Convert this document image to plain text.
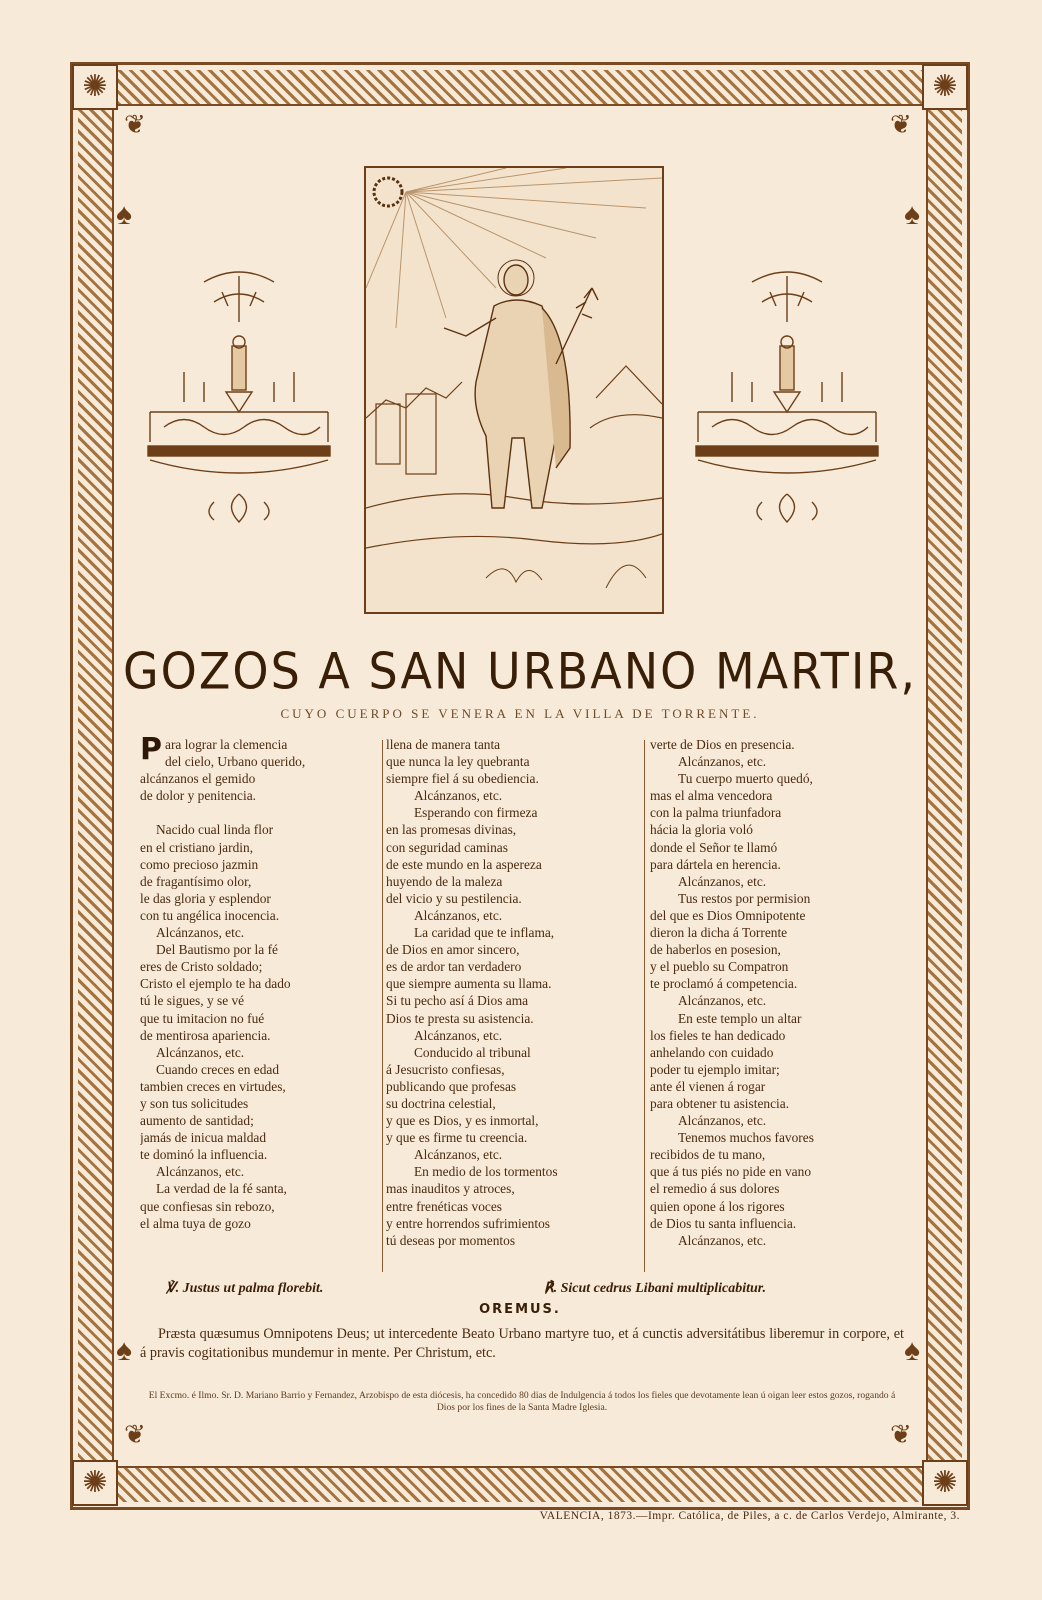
✺	✺
✺	✺
❦	❦
❦	❦
♠	♠
♠	♠
GOZOS A SAN URBANO MARTIR,
CUYO CUERPO SE VENERA EN LA VILLA DE TORRENTE.
P ara lograr la clemencia
del cielo, Urbano querido,
alcánzanos el gemido
de dolor y penitencia.
Nacido cual linda flor
en el cristiano jardin,
como precioso jazmin
de fragantísimo olor,
le das gloria y esplendor
con tu angélica inocencia.
Alcánzanos, etc.
Del Bautismo por la fé
eres de Cristo soldado;
Cristo el ejemplo te ha dado
tú le sigues, y se vé
que tu imitacion no fué
de mentirosa apariencia.
Alcánzanos, etc.
Cuando creces en edad
tambien creces en virtudes,
y son tus solicitudes
aumento de santidad;
jamás de inicua maldad
te dominó la influencia.
Alcánzanos, etc.
La verdad de la fé santa,
que confiesas sin rebozo,
el alma tuya de gozo
llena de manera tanta
que nunca la ley quebranta
siempre fiel á su obediencia.
Alcánzanos, etc.
Esperando con firmeza
en las promesas divinas,
con seguridad caminas
de este mundo en la aspereza
huyendo de la maleza
del vicio y su pestilencia.
Alcánzanos, etc.
La caridad que te inflama,
de Dios en amor sincero,
es de ardor tan verdadero
que siempre aumenta su llama.
Si tu pecho así á Dios ama
Dios te presta su asistencia.
Alcánzanos, etc.
Conducido al tribunal
á Jesucristo confiesas,
publicando que profesas
su doctrina celestial,
y que es Dios, y es inmortal,
y que es firme tu creencia.
Alcánzanos, etc.
En medio de los tormentos
mas inauditos y atroces,
entre frenéticas voces
y entre horrendos sufrimientos
tú deseas por momentos
verte de Dios en presencia.
Alcánzanos, etc.
Tu cuerpo muerto quedó,
mas el alma vencedora
con la palma triunfadora
hácia la gloria voló
donde el Señor te llamó
para dártela en herencia.
Alcánzanos, etc.
Tus restos por permision
del que es Dios Omnipotente
dieron la dicha á Torrente
de haberlos en posesion,
y el pueblo su Compatron
te proclamó á competencia.
Alcánzanos, etc.
En este templo un altar
los fieles te han dedicado
anhelando con cuidado
poder tu ejemplo imitar;
ante él vienen á rogar
para obtener tu asistencia.
Alcánzanos, etc.
Tenemos muchos favores
recibidos de tu mano,
que á tus piés no pide en vano
el remedio á sus dolores
quien opone á los rigores
de Dios tu santa influencia.
Alcánzanos, etc.
℣. Justus ut palma florebit.	℟. Sicut cedrus Libani multiplicabitur.
OREMUS.
Præsta quæsumus Omnipotens Deus; ut intercedente Beato Urbano martyre tuo, et á cunctis adversitátibus liberemur in corpore, et á pravis cogitationibus mundemur in mente. Per Christum, etc.
El Excmo. é Ilmo. Sr. D. Mariano Barrio y Fernandez, Arzobispo de esta diócesis, ha concedido 80 dias de Indulgencia á todos los fieles que devotamente lean ú oigan leer estos gozos, rogando á Dios por los fines de la Santa Madre Iglesia.
VALENCIA, 1873.—Impr. Católica, de Piles, a c. de Carlos Verdejo, Almirante, 3.
